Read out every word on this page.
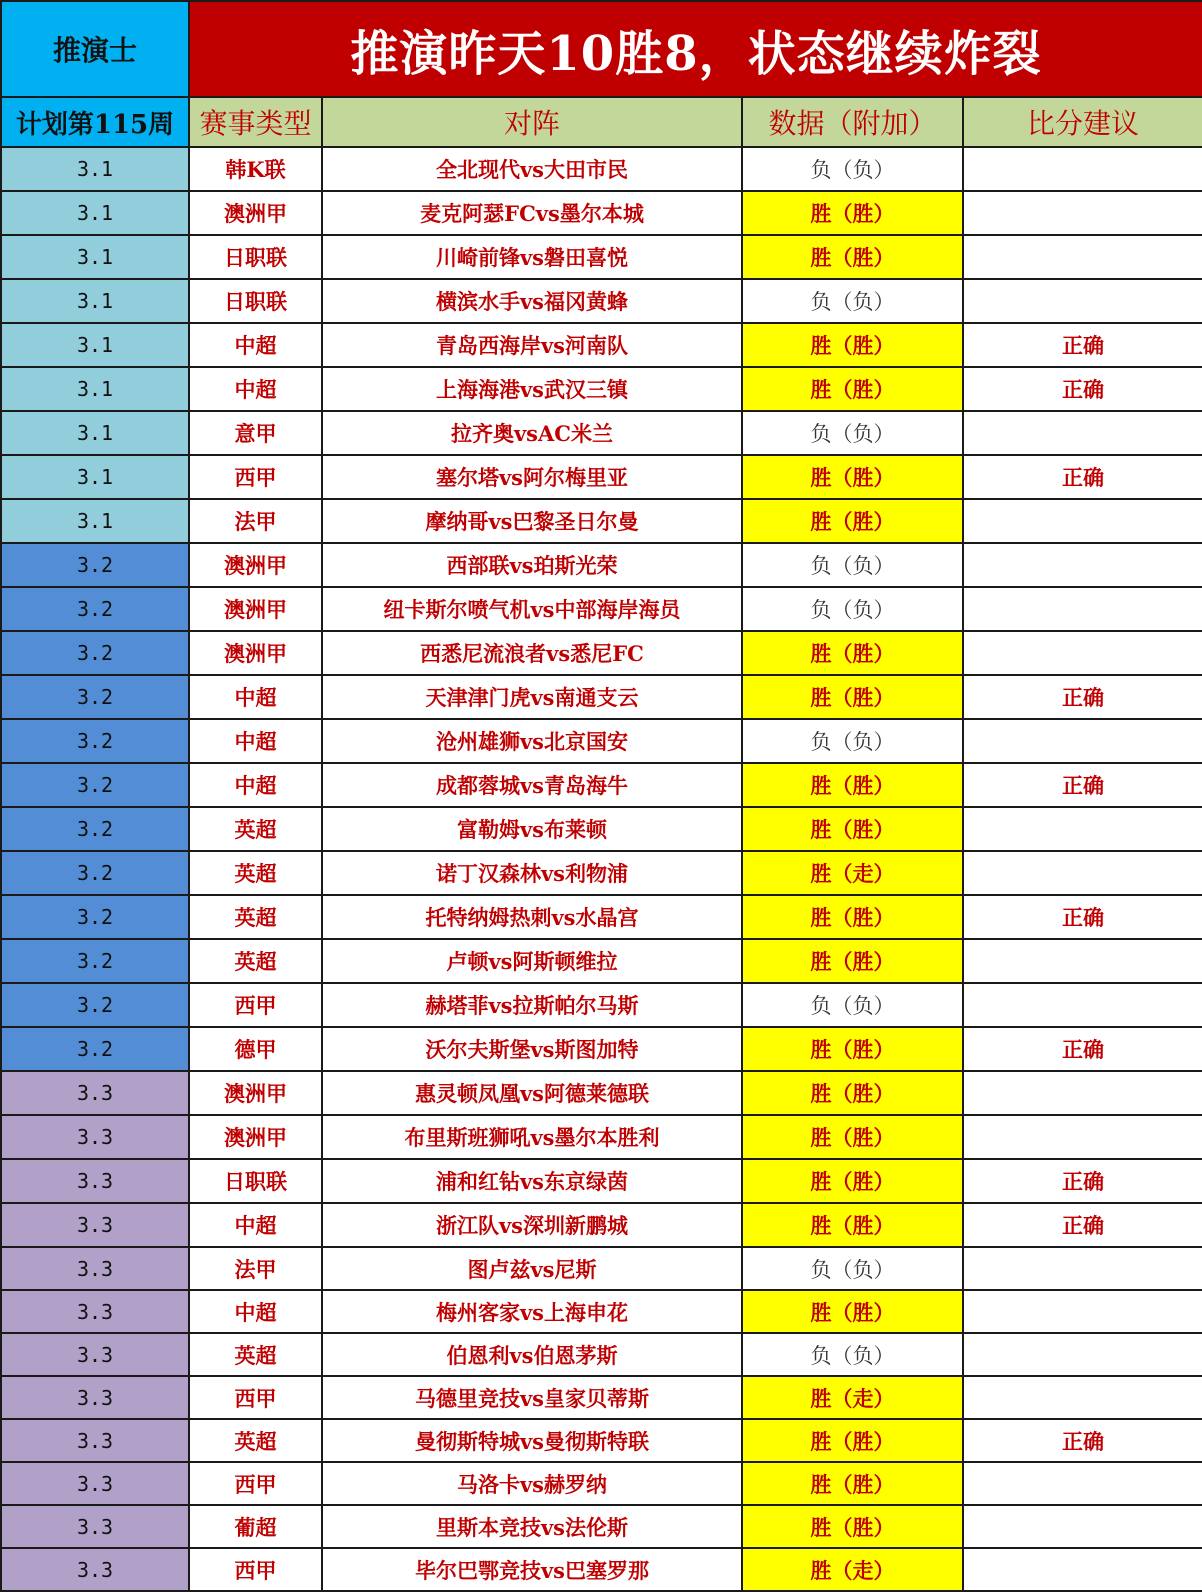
推演士	推演昨天10胜8，状态继续炸裂			
计划第115周	赛事类型	对阵	数据（附加）	比分建议
3.1	韩K联	全北现代vs大田市民	负（负）	
3.1	澳洲甲	麦克阿瑟FCvs墨尔本城	胜（胜）	
3.1	日职联	川崎前锋vs磐田喜悦	胜（胜）	
3.1	日职联	横滨水手vs福冈黄蜂	负（负）	
3.1	中超	青岛西海岸vs河南队	胜（胜）	正确
3.1	中超	上海海港vs武汉三镇	胜（胜）	正确
3.1	意甲	拉齐奥vsAC米兰	负（负）	
3.1	西甲	塞尔塔vs阿尔梅里亚	胜（胜）	正确
3.1	法甲	摩纳哥vs巴黎圣日尔曼	胜（胜）	
3.2	澳洲甲	西部联vs珀斯光荣	负（负）	
3.2	澳洲甲	纽卡斯尔喷气机vs中部海岸海员	负（负）	
3.2	澳洲甲	西悉尼流浪者vs悉尼FC	胜（胜）	
3.2	中超	天津津门虎vs南通支云	胜（胜）	正确
3.2	中超	沧州雄狮vs北京国安	负（负）	
3.2	中超	成都蓉城vs青岛海牛	胜（胜）	正确
3.2	英超	富勒姆vs布莱顿	胜（胜）	
3.2	英超	诺丁汉森林vs利物浦	胜（走）	
3.2	英超	托特纳姆热刺vs水晶宫	胜（胜）	正确
3.2	英超	卢顿vs阿斯顿维拉	胜（胜）	
3.2	西甲	赫塔菲vs拉斯帕尔马斯	负（负）	
3.2	德甲	沃尔夫斯堡vs斯图加特	胜（胜）	正确
3.3	澳洲甲	惠灵顿凤凰vs阿德莱德联	胜（胜）	
3.3	澳洲甲	布里斯班狮吼vs墨尔本胜利	胜（胜）	
3.3	日职联	浦和红钻vs东京绿茵	胜（胜）	正确
3.3	中超	浙江队vs深圳新鹏城	胜（胜）	正确
3.3	法甲	图卢兹vs尼斯	负（负）	
3.3	中超	梅州客家vs上海申花	胜（胜）	
3.3	英超	伯恩利vs伯恩茅斯	负（负）	
3.3	西甲	马德里竞技vs皇家贝蒂斯	胜（走）	
3.3	英超	曼彻斯特城vs曼彻斯特联	胜（胜）	正确
3.3	西甲	马洛卡vs赫罗纳	胜（胜）	
3.3	葡超	里斯本竞技vs法伦斯	胜（胜）	
3.3	西甲	毕尔巴鄂竞技vs巴塞罗那	胜（走）	
